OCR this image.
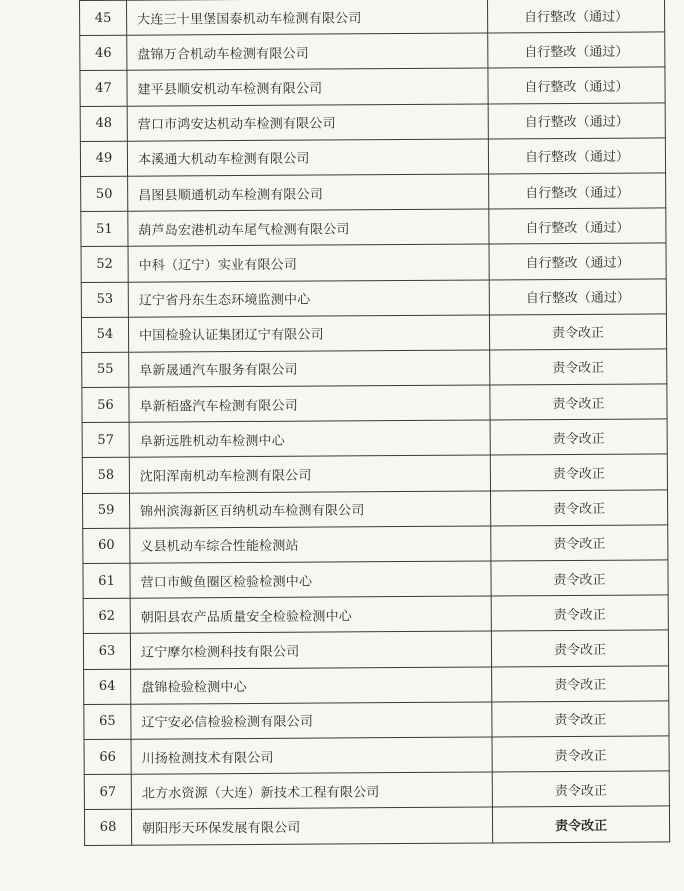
45	大连三十里堡国泰机动车检测有限公司	自行整改（通过）
46	盘锦万合机动车检测有限公司	自行整改（通过）
47	建平县顺安机动车检测有限公司	自行整改（通过）
48	营口市鸿安达机动车检测有限公司	自行整改（通过）
49	本溪通大机动车检测有限公司	自行整改（通过）
50	昌图县顺通机动车检测有限公司	自行整改（通过）
51	葫芦岛宏港机动车尾气检测有限公司	自行整改（通过）
52	中科（辽宁）实业有限公司	自行整改（通过）
53	辽宁省丹东生态环境监测中心	自行整改（通过）
54	中国检验认证集团辽宁有限公司	责令改正
55	阜新晟通汽车服务有限公司	责令改正
56	阜新栢盛汽车检测有限公司	责令改正
57	阜新远胜机动车检测中心	责令改正
58	沈阳浑南机动车检测有限公司	责令改正
59	锦州滨海新区百纳机动车检测有限公司	责令改正
60	义县机动车综合性能检测站	责令改正
61	营口市鲅鱼圈区检验检测中心	责令改正
62	朝阳县农产品质量安全检验检测中心	责令改正
63	辽宁摩尔检测科技有限公司	责令改正
64	盘锦检验检测中心	责令改正
65	辽宁安必信检验检测有限公司	责令改正
66	川扬检测技术有限公司	责令改正
67	北方水资源（大连）新技术工程有限公司	责令改正
68	朝阳彤天环保发展有限公司	责令改正
